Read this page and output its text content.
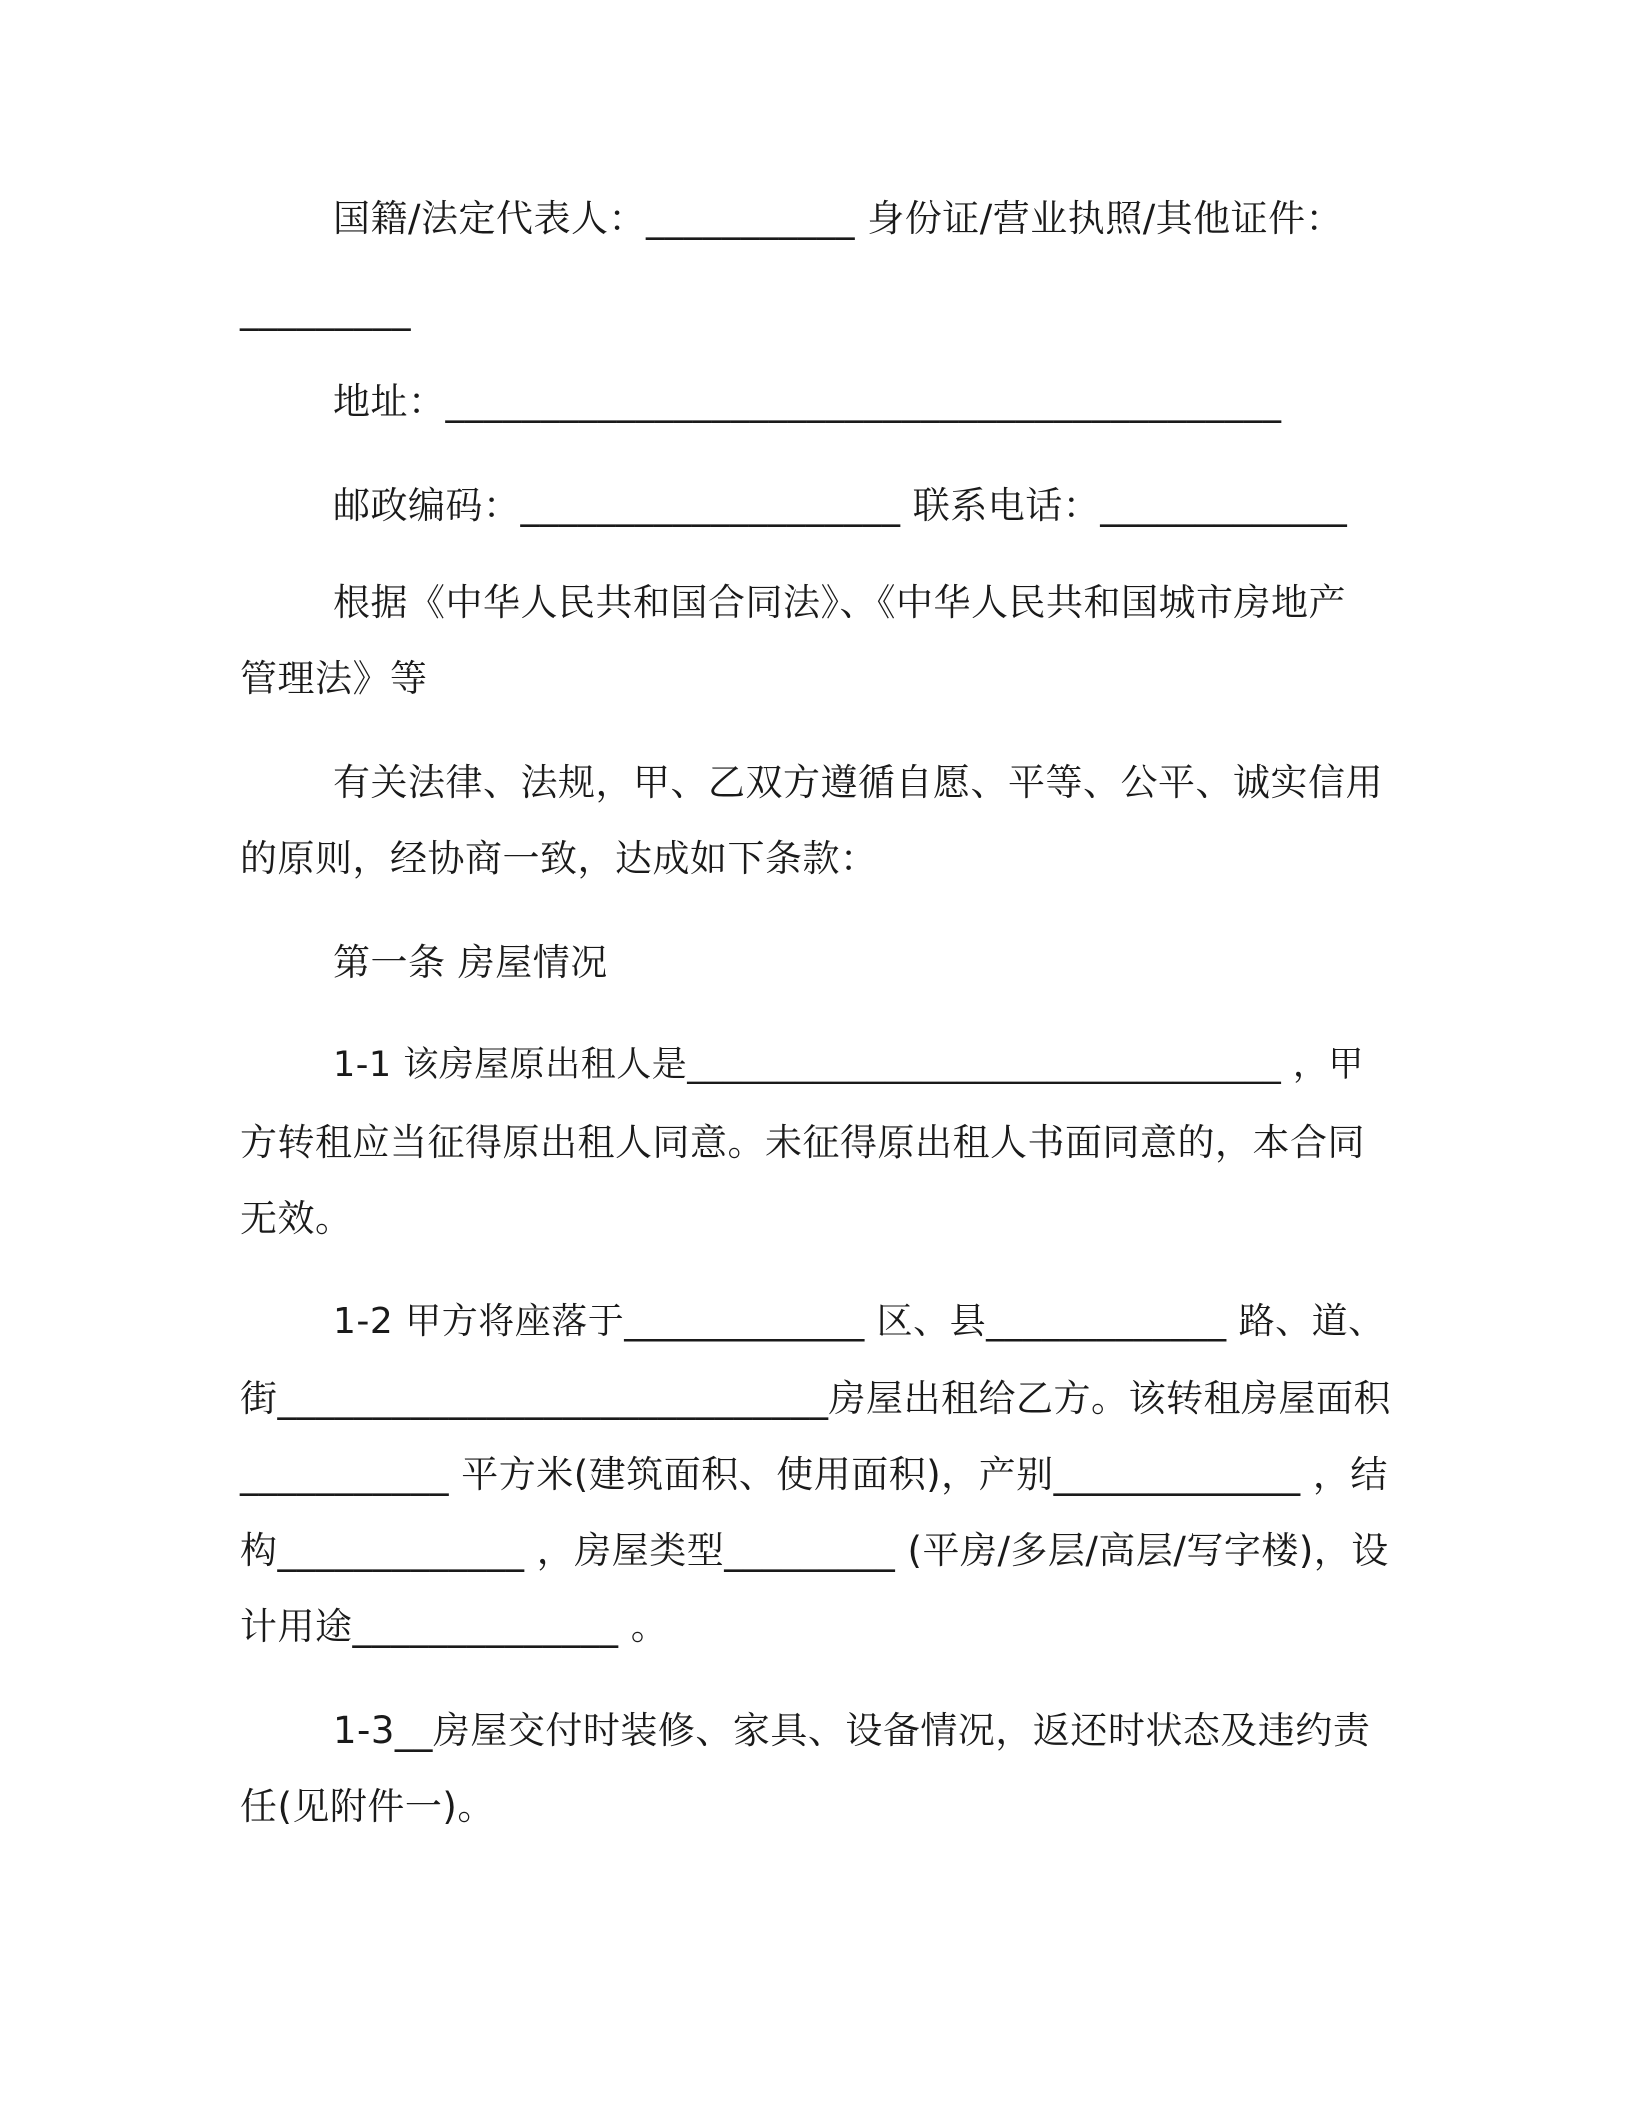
国籍/法定代表人：___________ 身份证/营业执照/其他证件：
_________
地址：____________________________________________
邮政编码：____________________ 联系电话：_____________
根据《中华人民共和国合同法》、《中华人民共和国城市房地产
管理法》等
有关法律、法规，甲、乙双方遵循自愿、平等、公平、诚实信用
的原则，经协商一致，达成如下条款：
第一条 房屋情况
1-1 该房屋原出租人是_________________________________ ，甲
方转租应当征得原出租人同意。未征得原出租人书面同意的，本合同
无效。
1-2 甲方将座落于_____________ 区、县_____________ 路、道、
街_____________________________房屋出租给乙方。该转租房屋面积
___________ 平方米(建筑面积、使用面积)，产别_____________ ，结
构_____________ ，房屋类型_________ (平房/多层/高层/写字楼)，设
计用途______________ 。
1-3__房屋交付时装修、家具、设备情况，返还时状态及违约责
任(见附件一)。
